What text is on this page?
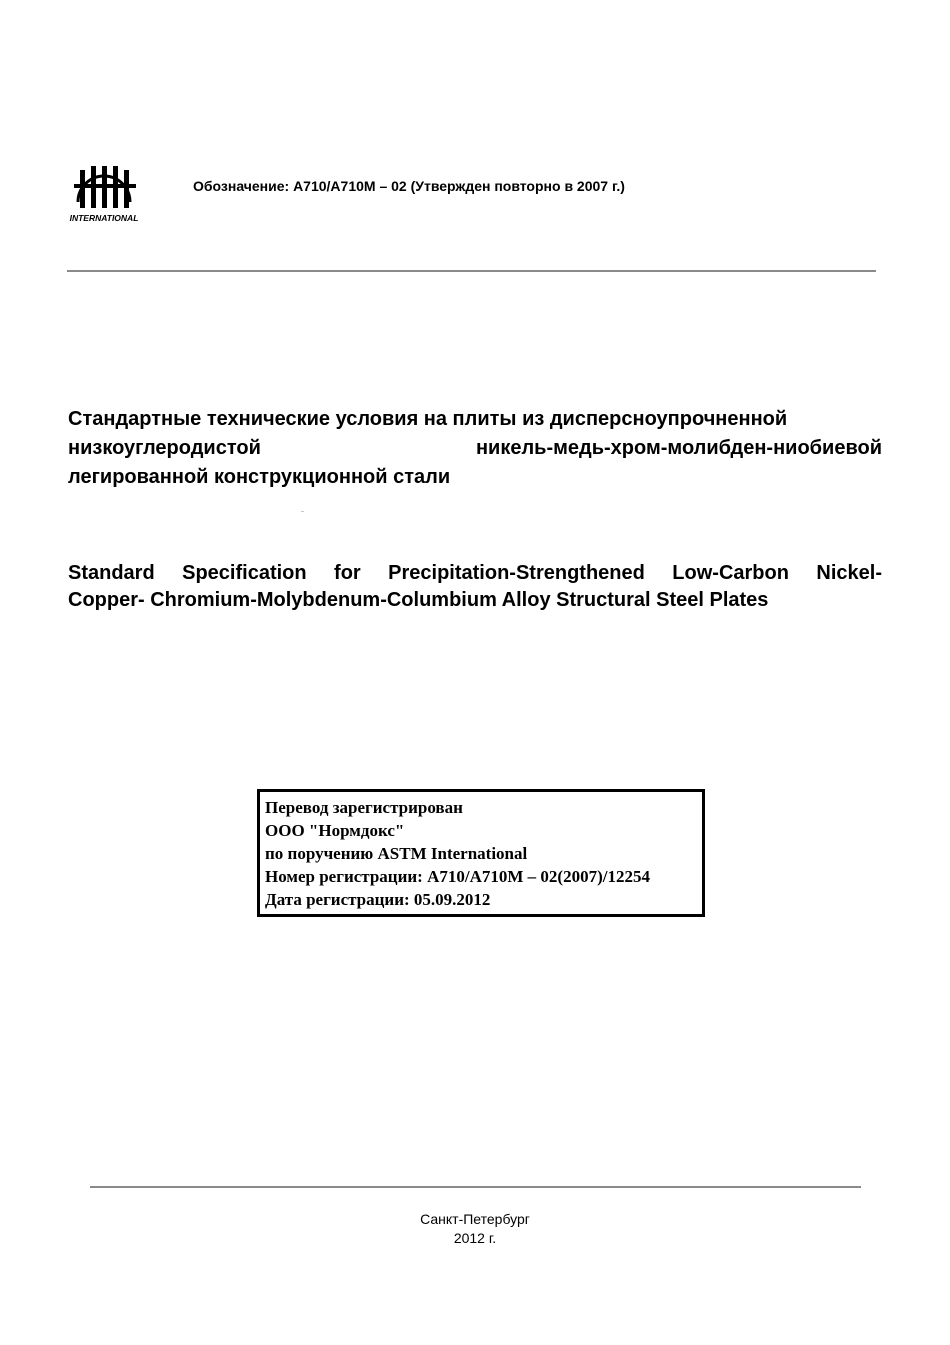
INTERNATIONAL
Обозначение: A710/A710M – 02 (Утвержден повторно в 2007 г.)
Стандартные технические условия на плиты из дисперсноупрочненной
низкоуглеродистой	никель-медь-хром-молибден-ниобиевой
легированной конструкционной стали
Standard Specification for Precipitation-Strengthened Low-Carbon Nickel-
Copper- Chromium-Molybdenum-Columbium Alloy Structural Steel Plates
Перевод зарегистрирован
ООО "Нормдокс"
по поручению ASTM International
Номер регистрации: A710/A710M – 02(2007)/12254
Дата регистрации: 05.09.2012
Санкт-Петербург
2012 г.
